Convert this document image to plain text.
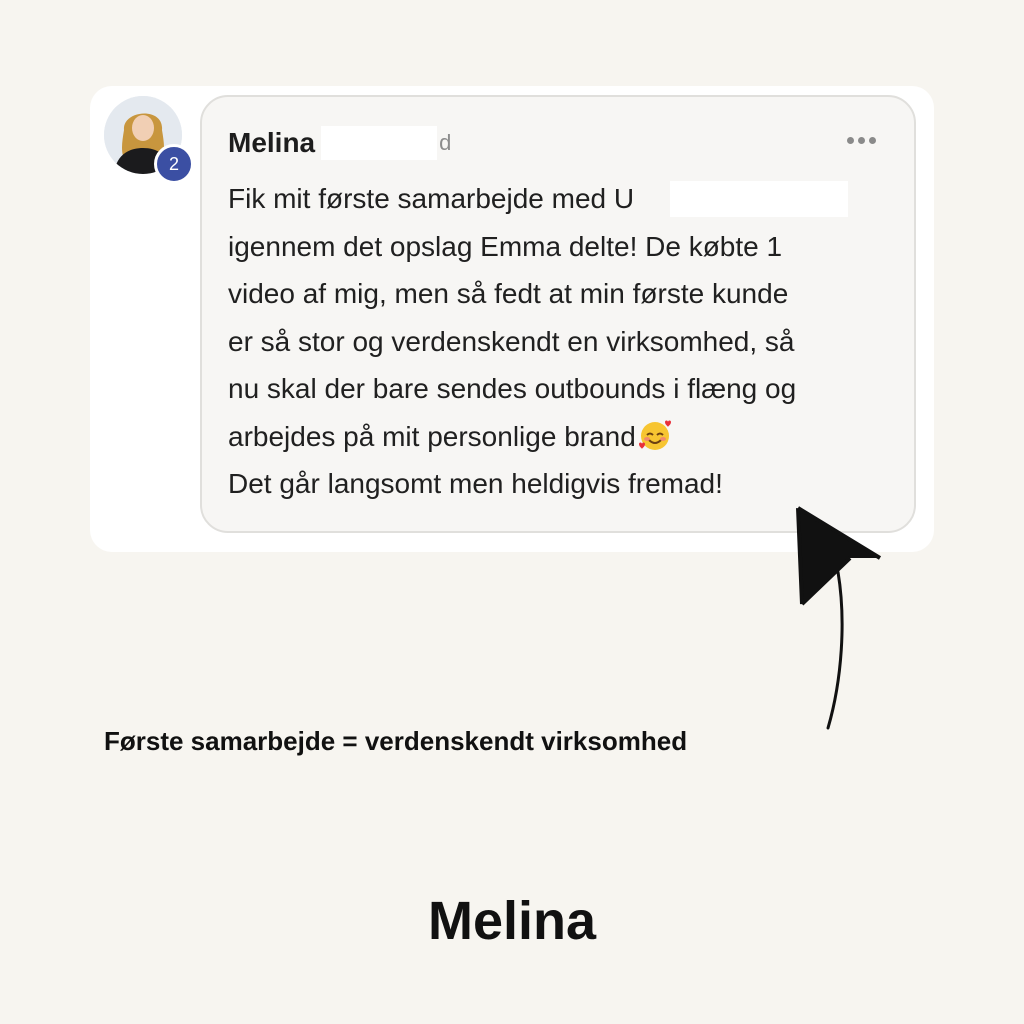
2
Melina	d

Fik mit første samarbejde med U
igennem det opslag Emma delte! De købte 1
video af mig, men så fedt at min første kunde
er så stor og verdenskendt en virksomhed, så
nu skal der bare sendes outbounds i flæng og
arbejdes på mit personlige brand
Det går langsomt men heldigvis fremad!

Første samarbejde = verdenskendt virksomhed
Melina
